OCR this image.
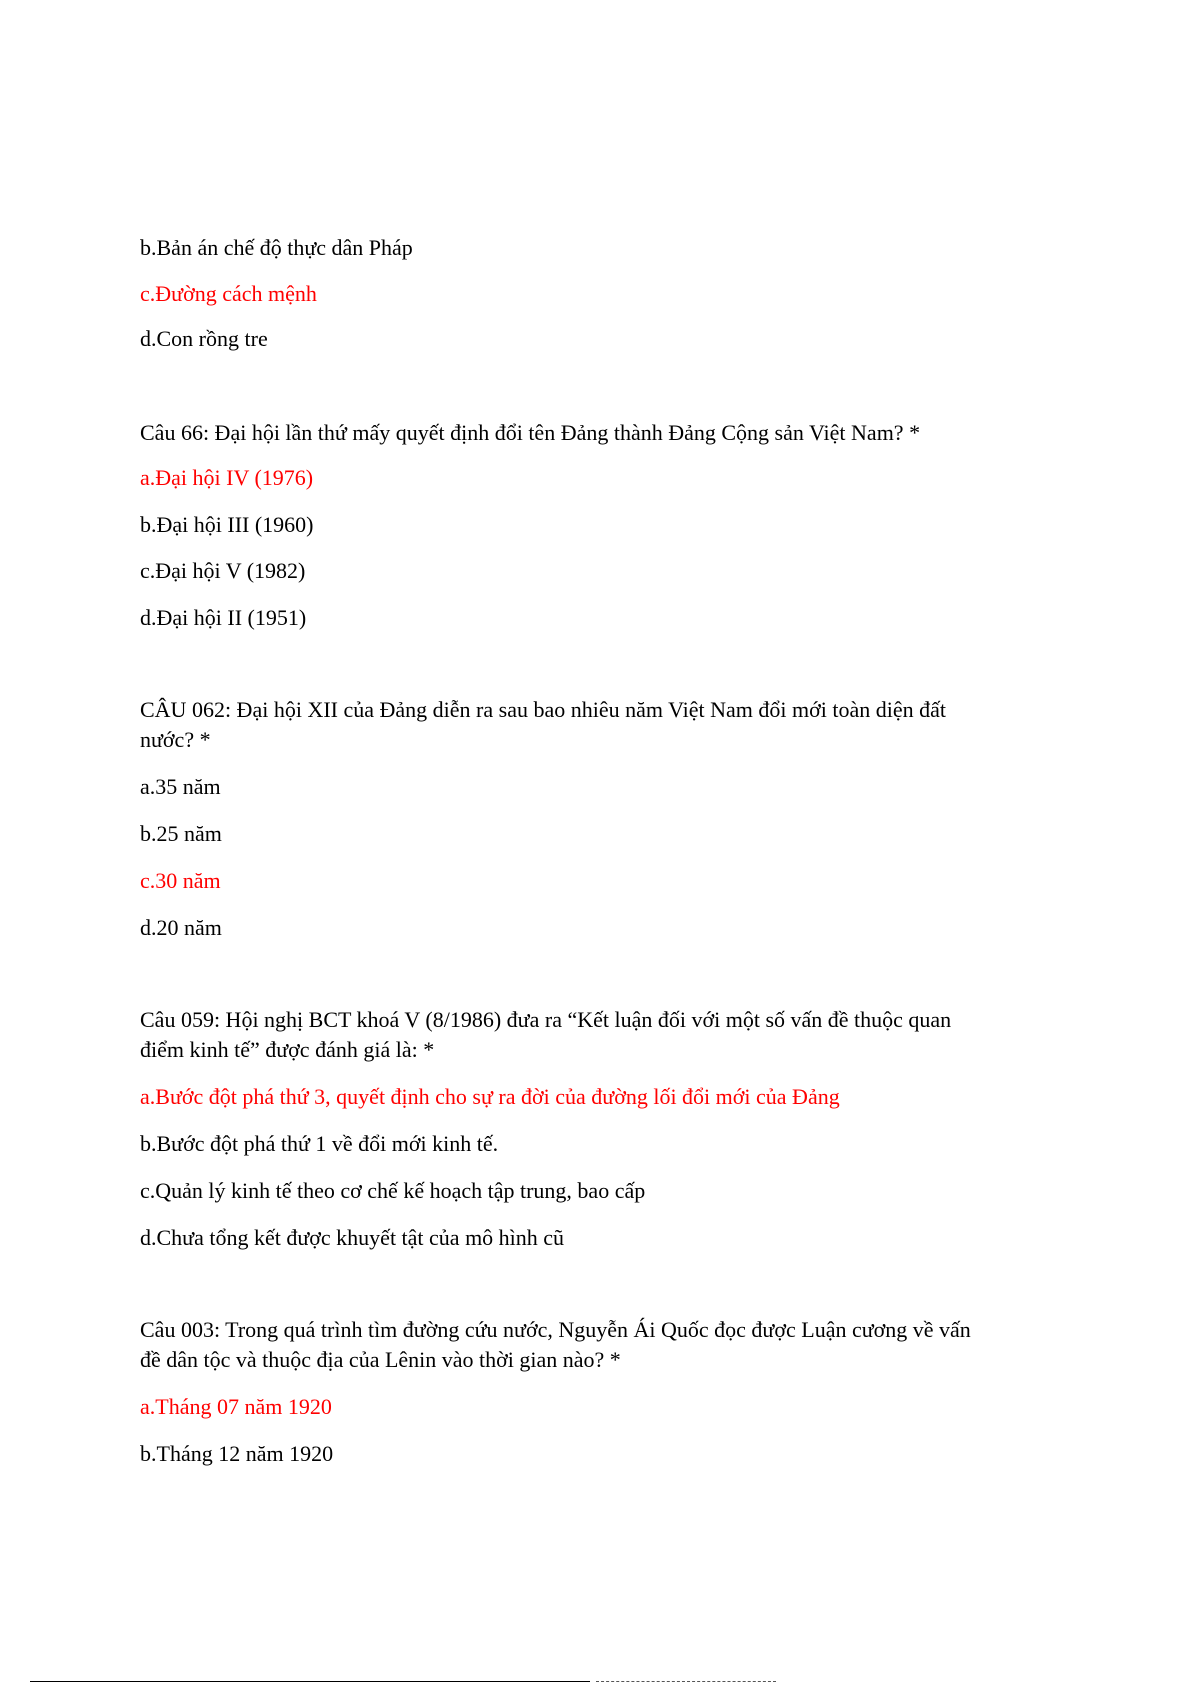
b.Bản án chế độ thực dân Pháp
c.Đường cách mệnh
d.Con rồng tre
Câu 66: Đại hội lần thứ mấy quyết định đổi tên Đảng thành Đảng Cộng sản Việt Nam? *
a.Đại hội IV (1976)
b.Đại hội III (1960)
c.Đại hội V (1982)
d.Đại hội II (1951)
CÂU 062: Đại hội XII của Đảng diễn ra sau bao nhiêu năm Việt Nam đổi mới toàn diện đất
nước? *
a.35 năm
b.25 năm
c.30 năm
d.20 năm
Câu 059: Hội nghị BCT khoá V (8/1986) đưa ra “Kết luận đối với một số vấn đề thuộc quan
điểm kinh tế” được đánh giá là: *
a.Bước đột phá thứ 3, quyết định cho sự ra đời của đường lối đổi mới của Đảng
b.Bước đột phá thứ 1 về đổi mới kinh tế.
c.Quản lý kinh tế theo cơ chế kế hoạch tập trung, bao cấp
d.Chưa tổng kết được khuyết tật của mô hình cũ
Câu 003: Trong quá trình tìm đường cứu nước, Nguyễn Ái Quốc đọc được Luận cương về vấn
đề dân tộc và thuộc địa của Lênin vào thời gian nào? *
a.Tháng 07 năm 1920
b.Tháng 12 năm 1920
